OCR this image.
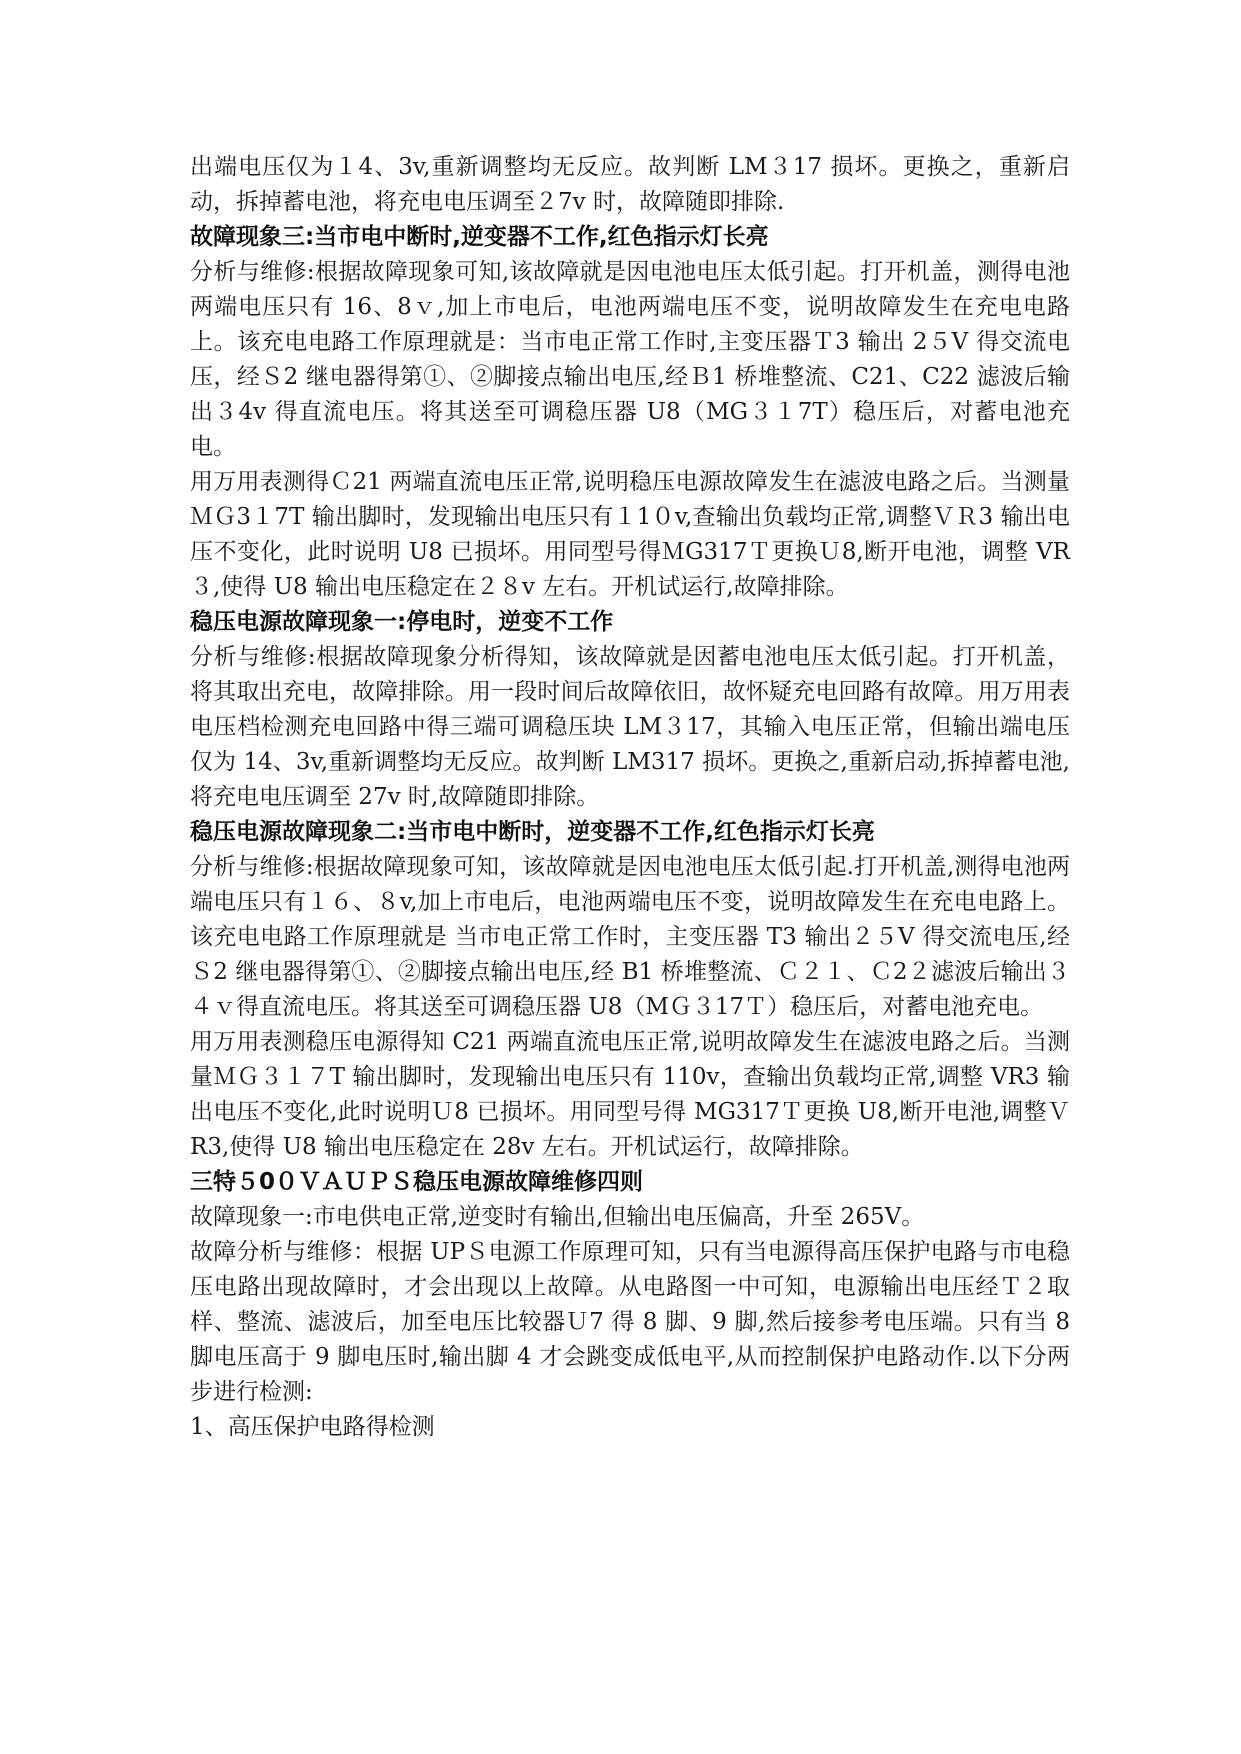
出端电压仅为１4、3v,重新调整均无反应。故判断 LM３17 损坏。更换之，重新启动，拆掉蓄电池，将充电电压调至２7v 时，故障随即排除.

故障现象三:当市电中断时,逆变器不工作,红色指示灯长亮

分析与维修:根据故障现象可知,该故障就是因电池电压太低引起。打开机盖，测得电池两端电压只有 16、8ｖ,加上市电后，电池两端电压不变，说明故障发生在充电电路上。该充电电路工作原理就是：当市电正常工作时,主变压器Ｔ3 输出 2５V 得交流电压，经Ｓ2 继电器得第①、②脚接点输出电压,经Ｂ1 桥堆整流、C21、C22 滤波后输出３4v 得直流电压。将其送至可调稳压器 U8（MG３１7T）稳压后，对蓄电池充电。

用万用表测得Ｃ21 两端直流电压正常,说明稳压电源故障发生在滤波电路之后。当测量ＭＧ3１7T 输出脚时，发现输出电压只有１1０v,查输出负载均正常,调整ＶＲ3 输出电压不变化，此时说明 U8 已损坏。用同型号得ＭG317Ｔ更换Ｕ8,断开电池，调整 VR３,使得 U8 输出电压稳定在２８v 左右。开机试运行,故障排除。

稳压电源故障现象一:停电时，逆变不工作

分析与维修:根据故障现象分析得知，该故障就是因蓄电池电压太低引起。打开机盖，将其取出充电，故障排除。用一段时间后故障依旧，故怀疑充电回路有故障。用万用表电压档检测充电回路中得三端可调稳压块 LM３17，其输入电压正常，但输出端电压仅为 14、3v,重新调整均无反应。故判断 LM317 损坏。更换之,重新启动,拆掉蓄电池,将充电电压调至 27v 时,故障随即排除。

稳压电源故障现象二:当市电中断时，逆变器不工作,红色指示灯长亮

分析与维修:根据故障现象可知，该故障就是因电池电压太低引起.打开机盖,测得电池两端电压只有１６、８v,加上市电后，电池两端电压不变，说明故障发生在充电电路上。该充电电路工作原理就是 当市电正常工作时，主变压器 T3 输出２５V 得交流电压,经Ｓ2 继电器得第①、②脚接点输出电压,经 B1 桥堆整流、Ｃ２１、Ｃ2２滤波后输出３４ｖ得直流电压。将其送至可调稳压器 U8（MＧ３17Ｔ）稳压后，对蓄电池充电。

用万用表测稳压电源得知 C21 两端直流电压正常,说明故障发生在滤波电路之后。当测量ＭＧ３１７T 输出脚时，发现输出电压只有 110v，查输出负载均正常,调整 VR3 输出电压不变化,此时说明Ｕ8 已损坏。用同型号得 MG317Ｔ更换 U8,断开电池,调整ＶR3,使得 U8 输出电压稳定在 28v 左右。开机试运行，故障排除。

三特５0０ＶＡＵＰＳ稳压电源故障维修四则

故障现象一:市电供电正常,逆变时有输出,但输出电压偏高，升至 265V。

故障分析与维修：根据 UPＳ电源工作原理可知，只有当电源得高压保护电路与市电稳压电路出现故障时，才会出现以上故障。从电路图一中可知，电源输出电压经Ｔ２取样、整流、滤波后，加至电压比较器Ｕ7 得 8 脚、9 脚,然后接参考电压端。只有当 8 脚电压高于 9 脚电压时,输出脚 4 才会跳变成低电平,从而控制保护电路动作.以下分两步进行检测:

1、高压保护电路得检测
